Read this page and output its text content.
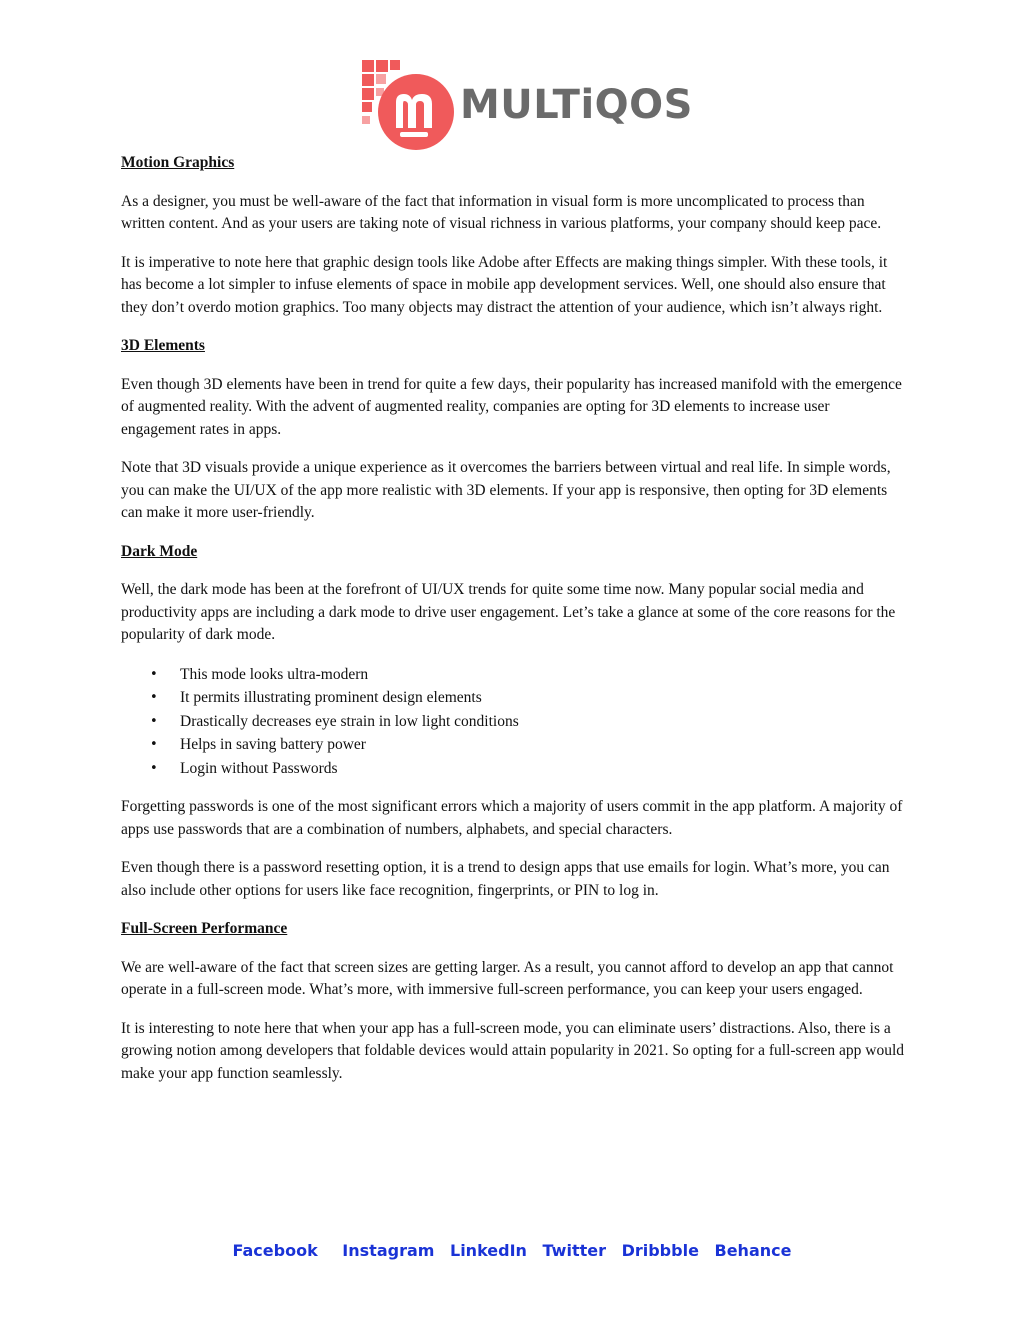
MULTiQOS
Motion Graphics

As a designer, you must be well-aware of the fact that information in visual form is more uncomplicated to process than written content. And as your users are taking note of visual richness in various platforms, your company should keep pace.

It is imperative to note here that graphic design tools like Adobe after Effects are making things simpler. With these tools, it has become a lot simpler to infuse elements of space in mobile app development services. Well, one should also ensure that they don’t overdo motion graphics. Too many objects may distract the attention of your audience, which isn’t always right.

3D Elements

Even though 3D elements have been in trend for quite a few days, their popularity has increased manifold with the emergence of augmented reality. With the advent of augmented reality, companies are opting for 3D elements to increase user engagement rates in apps.

Note that 3D visuals provide a unique experience as it overcomes the barriers between virtual and real life. In simple words, you can make the UI/UX of the app more realistic with 3D elements. If your app is responsive, then opting for 3D elements can make it more user-friendly.

Dark Mode

Well, the dark mode has been at the forefront of UI/UX trends for quite some time now. Many popular social media and productivity apps are including a dark mode to drive user engagement. Let’s take a glance at some of the core reasons for the popularity of dark mode.

• This mode looks ultra-modern
• It permits illustrating prominent design elements
• Drastically decreases eye strain in low light conditions
• Helps in saving battery power
• Login without Passwords

Forgetting passwords is one of the most significant errors which a majority of users commit in the app platform. A majority of apps use passwords that are a combination of numbers, alphabets, and special characters.

Even though there is a password resetting option, it is a trend to design apps that use emails for login. What’s more, you can also include other options for users like face recognition, fingerprints, or PIN to log in.

Full-Screen Performance

We are well-aware of the fact that screen sizes are getting larger. As a result, you cannot afford to develop an app that cannot operate in a full-screen mode. What’s more, with immersive full-screen performance, you can keep your users engaged.

It is interesting to note here that when your app has a full-screen mode, you can eliminate users’ distractions. Also, there is a growing notion among developers that foldable devices would attain popularity in 2021. So opting for a full-screen app would make your app function seamlessly.

Facebook Instagram LinkedIn Twitter Dribbble Behance
